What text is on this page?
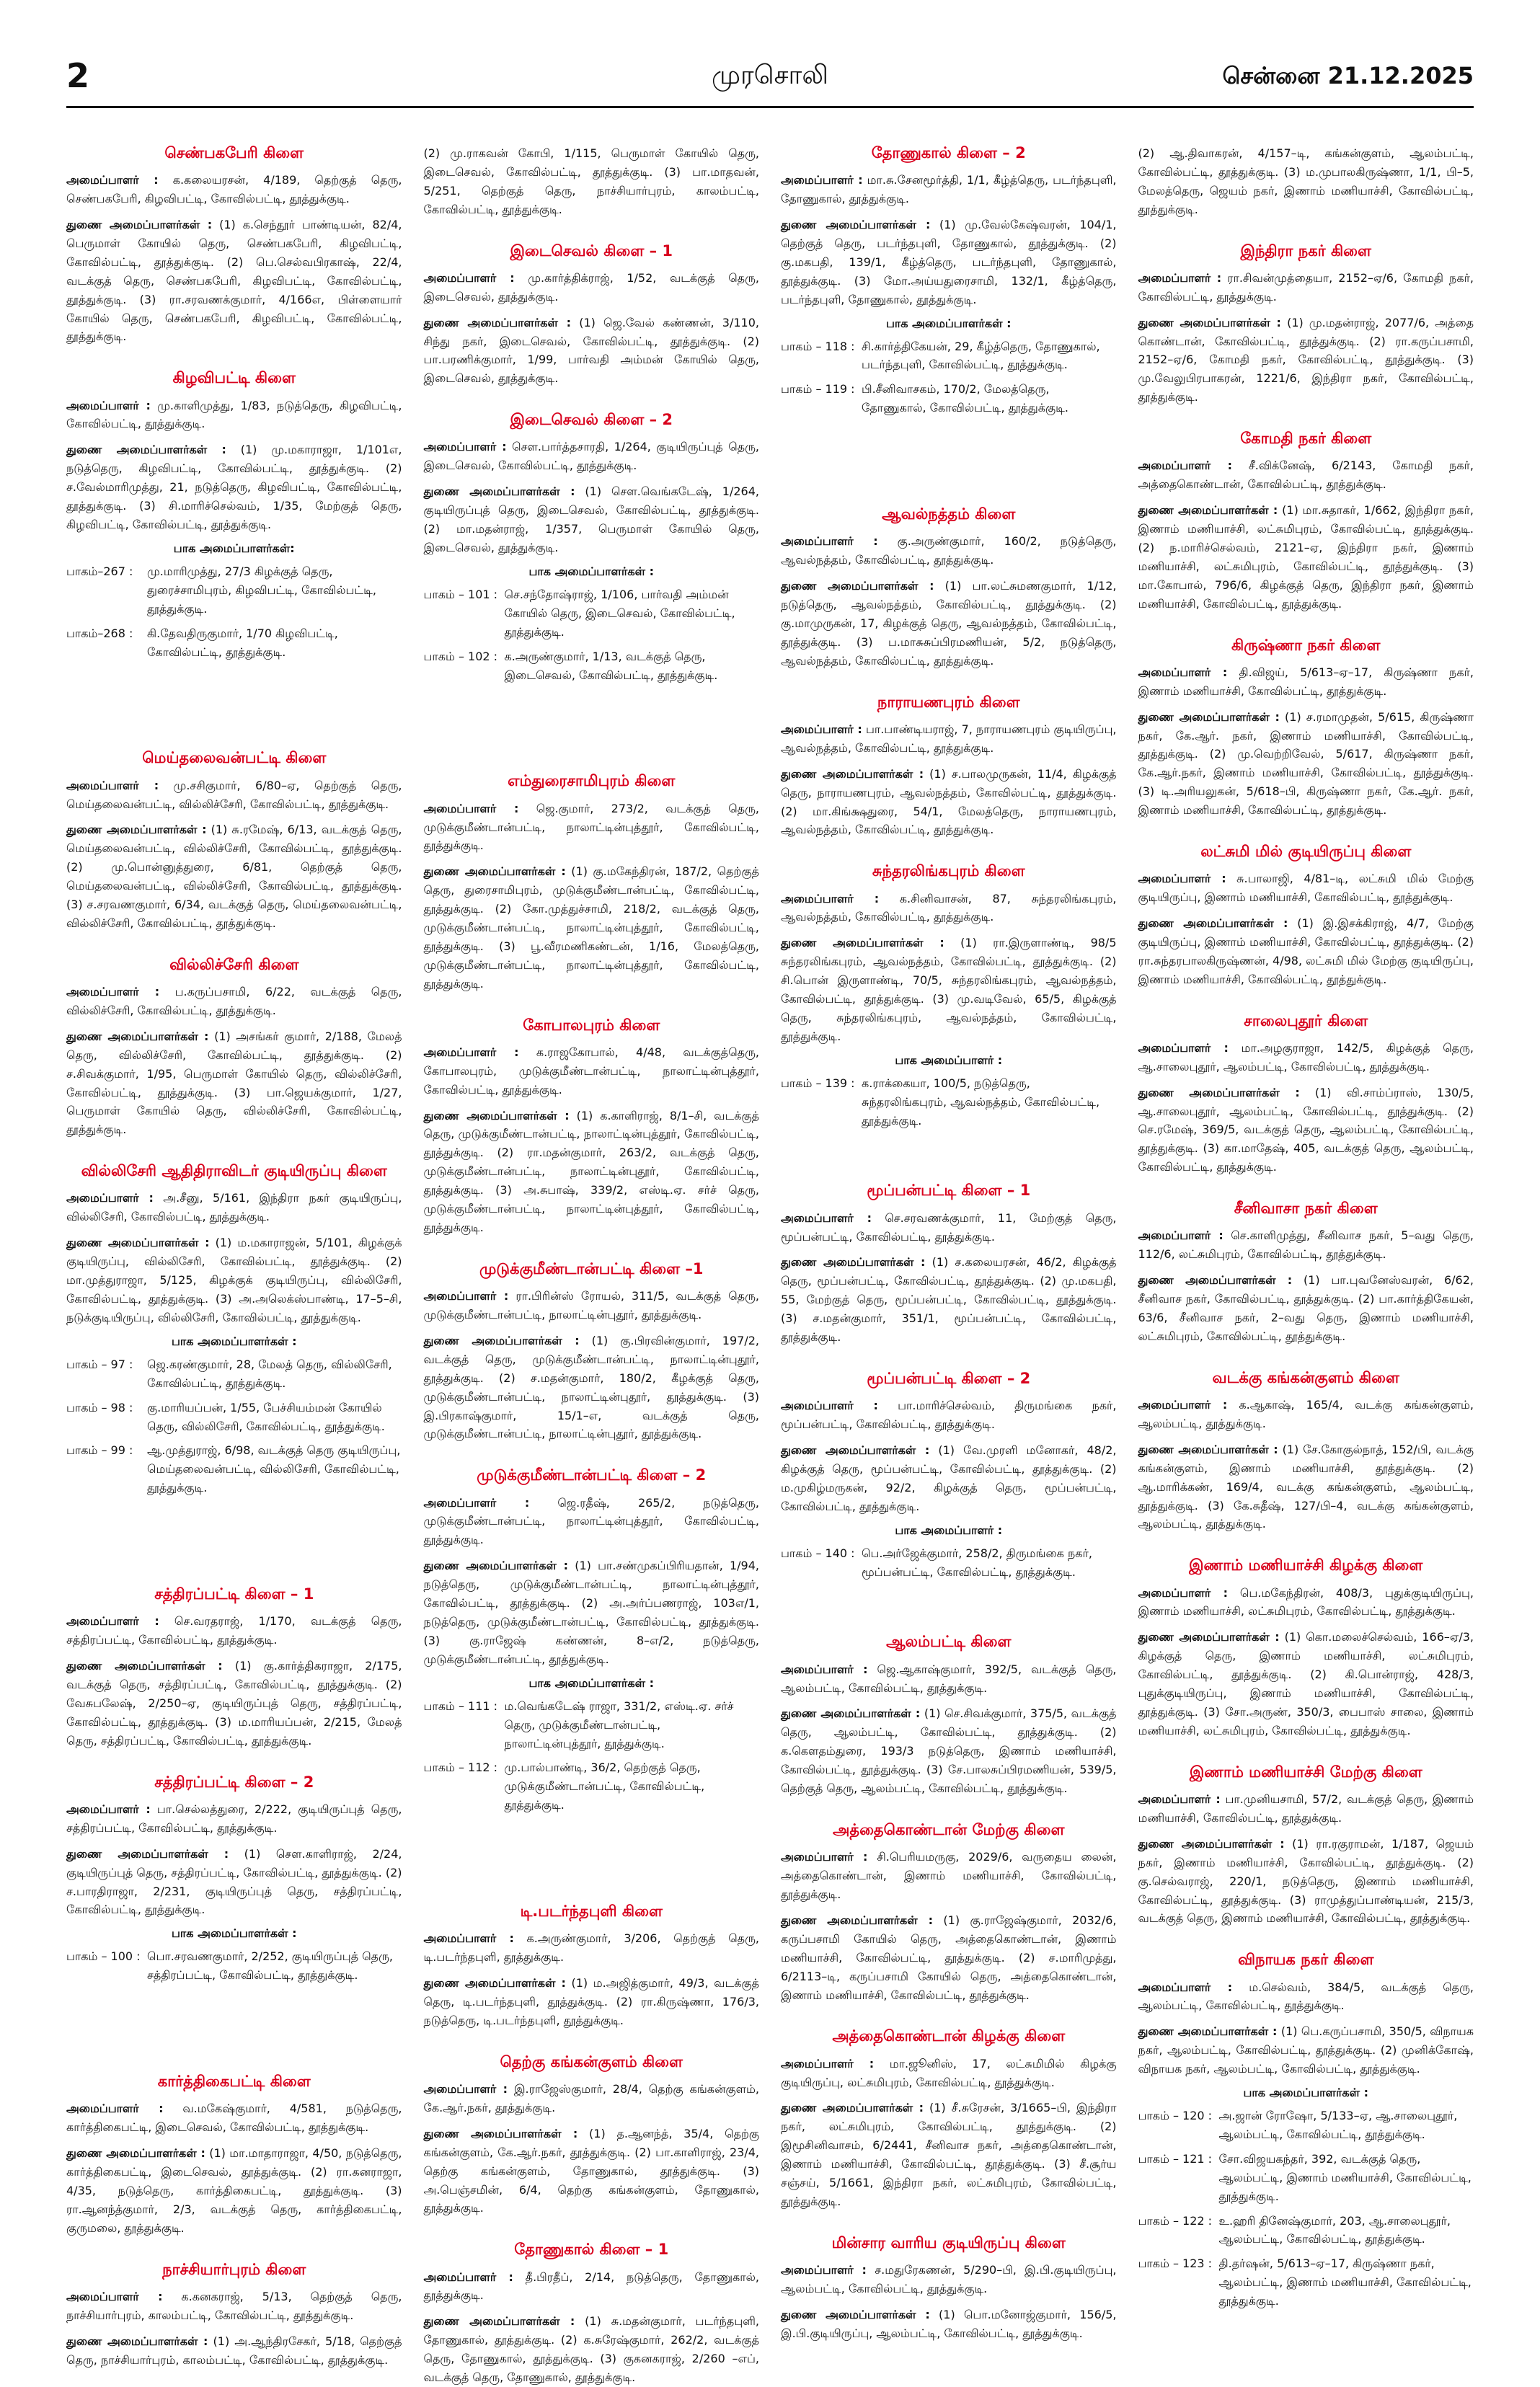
2	முரசொலி	சென்னை 21.12.2025
செண்பகபேரி கிளை
அமைப்பாளர் : க.கலையரசன், 4/189, தெற்குத் தெரு, செண்பகபேரி, கிழவிபட்டி, கோவில்பட்டி, தூத்துக்குடி.
துணை அமைப்பாளர்கள் : (1) க.செந்தூர் பாண்டியன், 82/4, பெருமாள் கோயில் தெரு, செண்பகபேரி, கிழவிபட்டி, கோவில்பட்டி, தூத்துக்குடி. (2) பெ.செல்வபிரகாஷ், 22/4, வடக்குத் தெரு, செண்பகபேரி, கிழவிபட்டி, கோவில்பட்டி, தூத்துக்குடி. (3) ரா.சரவணக்குமார், 4/166எ, பிள்ளையார் கோயில் தெரு, செண்பகபேரி, கிழவிபட்டி, கோவில்பட்டி, தூத்துக்குடி.
கிழவிபட்டி கிளை
அமைப்பாளர் : மு.காளிமுத்து, 1/83, நடுத்தெரு, கிழவிபட்டி, கோவில்பட்டி, தூத்துக்குடி.
துணை அமைப்பாளர்கள் : (1) மு.மகாராஜா, 1/101எ, நடுத்தெரு, கிழவிபட்டி, கோவில்பட்டி, தூத்துக்குடி. (2) ச.வேல்மாரிமுத்து, 21, நடுத்தெரு, கிழவிபட்டி, கோவில்பட்டி, தூத்துக்குடி. (3) சி.மாரிச்செல்வம், 1/35, மேற்குத் தெரு, கிழவிபட்டி, கோவில்பட்டி, தூத்துக்குடி.
பாக அமைப்பாளர்கள்:
பாகம்–267 :	மு.மாரிமுத்து, 27/3 கிழக்குத் தெரு, துரைச்சாமிபுரம், கிழவிபட்டி, கோவில்பட்டி, தூத்துக்குடி.
பாகம்–268 :	கி.தேவதிருகுமார், 1/70 கிழவிபட்டி, கோவில்பட்டி, தூத்துக்குடி.
மெய்தலைவன்பட்டி கிளை
அமைப்பாளர் : மு.சசிகுமார், 6/80–ஏ, தெற்குத் தெரு, மெய்தலைவன்பட்டி, வில்லிச்சேரி, கோவில்பட்டி, தூத்துக்குடி.
துணை அமைப்பாளர்கள் : (1) சு.ரமேஷ், 6/13, வடக்குத் தெரு, மெய்தலைவன்பட்டி, வில்லிச்சேரி, கோவில்பட்டி, தூத்துக்குடி. (2) மு.பொன்னுத்துரை, 6/81, தெற்குத் தெரு, மெய்தலைவன்பட்டி, வில்லிச்சேரி, கோவில்பட்டி, தூத்துக்குடி. (3) ச.சரவணகுமார், 6/34, வடக்குத் தெரு, மெய்தலைவன்பட்டி, வில்லிச்சேரி, கோவில்பட்டி, தூத்துக்குடி.
வில்லிச்சேரி கிளை
அமைப்பாளர் : ப.கருப்பசாமி, 6/22, வடக்குத் தெரு, வில்லிச்சேரி, கோவில்பட்டி, தூத்துக்குடி.
துணை அமைப்பாளர்கள் : (1) அசங்கர் குமார், 2/188, மேலத் தெரு, வில்லிச்சேரி, கோவில்பட்டி, தூத்துக்குடி. (2) ச.சிவக்குமார், 1/95, பெருமாள் கோயில் தெரு, வில்லிச்சேரி, கோவில்பட்டி, தூத்துக்குடி. (3) பா.ஜெயக்குமார், 1/27, பெருமாள் கோயில் தெரு, வில்லிச்சேரி, கோவில்பட்டி, தூத்துக்குடி.
வில்லிசேரி ஆதிதிராவிடர் குடியிருப்பு கிளை
அமைப்பாளர் : அ.சீனு, 5/161, இந்திரா நகர் குடியிருப்பு, வில்லிசேரி, கோவில்பட்டி, தூத்துக்குடி.
துணை அமைப்பாளர்கள் : (1) ம.மகாராஜன், 5/101, கிழக்குக் குடியிருப்பு, வில்லிசேரி, கோவில்பட்டி, தூத்துக்குடி. (2) மா.முத்துராஜா, 5/125, கிழக்குக் குடியிருப்பு, வில்லிசேரி, கோவில்பட்டி, தூத்துக்குடி. (3) அ.அலெக்ஸ்பாண்டி, 17–5–சி, நடுக்குடியிருப்பு, வில்லிசேரி, கோவில்பட்டி, தூத்துக்குடி.
பாக அமைப்பாளர்கள் :
பாகம் – 97 :	ஜெ.கரண்குமார், 28, மேலத் தெரு, வில்லிசேரி, கோவில்பட்டி, தூத்துக்குடி.
பாகம் – 98 :	கு.மாரியப்பன், 1/55, பேச்சியம்மன் கோயில் தெரு, வில்லிசேரி, கோவில்பட்டி, தூத்துக்குடி.
பாகம் – 99 :	ஆ.முத்துராஜ், 6/98, வடக்குத் தெரு குடியிருப்பு, மெய்தலைவன்பட்டி, வில்லிசேரி, கோவில்பட்டி, தூத்துக்குடி.
சத்திரப்பட்டி கிளை – 1
அமைப்பாளர் : செ.வரதராஜ், 1/170, வடக்குத் தெரு, சத்திரப்பட்டி, கோவில்பட்டி, தூத்துக்குடி.
துணை அமைப்பாளர்கள் : (1) கு.கார்த்திகராஜா, 2/175, வடக்குத் தெரு, சத்திரப்பட்டி, கோவில்பட்டி, தூத்துக்குடி. (2) வேசுபலேஷ், 2/250–ஏ, குடியிருப்புத் தெரு, சத்திரப்பட்டி, கோவில்பட்டி, தூத்துக்குடி. (3) ம.மாரியப்பன், 2/215, மேலத் தெரு, சத்திரப்பட்டி, கோவில்பட்டி, தூத்துக்குடி.
சத்திரப்பட்டி கிளை – 2
அமைப்பாளர் : பா.செல்லத்துரை, 2/222, குடியிருப்புத் தெரு, சத்திரப்பட்டி, கோவில்பட்டி, தூத்துக்குடி.
துணை அமைப்பாளர்கள் : (1) சௌ.காளிராஜ், 2/24, குடியிருப்புத் தெரு, சத்திரப்பட்டி, கோவில்பட்டி, தூத்துக்குடி. (2) ச.பாரதிராஜா, 2/231, குடியிருப்புத் தெரு, சத்திரப்பட்டி, கோவில்பட்டி, தூத்துக்குடி.
பாக அமைப்பாளர்கள் :
பாகம் – 100 : பொ.சரவணகுமார், 2/252, குடியிருப்புத் தெரு, சத்திரப்பட்டி, கோவில்பட்டி, தூத்துக்குடி.
கார்த்திகைபட்டி கிளை
அமைப்பாளர் : வ.மகேஷ்குமார், 4/581, நடுத்தெரு, கார்த்திகைபட்டி, இடைசெவல், கோவில்பட்டி, தூத்துக்குடி.
துணை அமைப்பாளர்கள் : (1) மா.மாதாராஜா, 4/50, நடுத்தெரு, கார்த்திகைபட்டி, இடைசெவல், தூத்துக்குடி. (2) ரா.கனராஜா, 4/35, நடுத்தெரு, கார்த்திகைபட்டி, தூத்துக்குடி. (3) ரா.ஆனந்த்குமார், 2/3, வடக்குத் தெரு, கார்த்திகைபட்டி, குருமலை, தூத்துக்குடி.
நாச்சியார்புரம் கிளை
அமைப்பாளர் : க.கனகராஜ், 5/13, தெற்குத் தெரு, நாச்சியார்புரம், காலம்பட்டி, கோவில்பட்டி, தூத்துக்குடி.
துணை அமைப்பாளர்கள் : (1) அ.ஆந்திரசேகர், 5/18, தெற்குத் தெரு, நாச்சியார்புரம், காலம்பட்டி, கோவில்பட்டி, தூத்துக்குடி.
(2) மு.ராகவன் கோபி, 1/115, பெருமாள் கோயில் தெரு, இடைசெவல், கோவில்பட்டி, தூத்துக்குடி. (3) பா.மாதவன், 5/251, தெற்குத் தெரு, நாச்சியார்புரம், காலம்பட்டி, கோவில்பட்டி, தூத்துக்குடி.
இடைசெவல் கிளை – 1
அமைப்பாளர் : மு.கார்த்திக்ராஜ், 1/52, வடக்குத் தெரு, இடைசெவல், தூத்துக்குடி.
துணை அமைப்பாளர்கள் : (1) ஜெ.வேல் கண்ணன், 3/110, சிந்து நகர், இடைசெவல், கோவில்பட்டி, தூத்துக்குடி. (2) பா.பரணிக்குமார், 1/99, பார்வதி அம்மன் கோயில் தெரு, இடைசெவல், தூத்துக்குடி.
இடைசெவல் கிளை – 2
அமைப்பாளர் : சௌ.பார்த்தசாரதி, 1/264, குடியிருப்புத் தெரு, இடைசெவல், கோவில்பட்டி, தூத்துக்குடி.
துணை அமைப்பாளர்கள் : (1) சௌ.வெங்கடேஷ், 1/264, குடியிருப்புத் தெரு, இடைசெவல், கோவில்பட்டி, தூத்துக்குடி. (2) மா.மதன்ராஜ், 1/357, பெருமாள் கோயில் தெரு, இடைசெவல், தூத்துக்குடி.
பாக அமைப்பாளர்கள் :
பாகம் – 101 : செ.சந்தோஷ்ராஜ், 1/106, பார்வதி அம்மன் கோயில் தெரு, இடைசெவல், கோவில்பட்டி, தூத்துக்குடி.
பாகம் – 102 : க.அருண்குமார், 1/13, வடக்குத் தெரு, இடைசெவல், கோவில்பட்டி, தூத்துக்குடி.
எம்துரைசாமிபுரம் கிளை
அமைப்பாளர் : ஜெ.குமார், 273/2, வடக்குத் தெரு, முடுக்குமீண்டான்பட்டி, நாலாட்டின்புத்தூர், கோவில்பட்டி, தூத்துக்குடி.
துணை அமைப்பாளர்கள் : (1) கு.மகேந்திரன், 187/2, தெற்குத் தெரு, துரைசாமிபுரம், முடுக்குமீண்டான்பட்டி, கோவில்பட்டி, தூத்துக்குடி. (2) கோ.முத்துச்சாமி, 218/2, வடக்குத் தெரு, முடுக்குமீண்டான்பட்டி, நாலாட்டின்புத்தூர், கோவில்பட்டி, தூத்துக்குடி. (3) பூ.வீரமணிகண்டன், 1/16, மேலத்தெரு, முடுக்குமீண்டான்பட்டி, நாலாட்டின்புத்தூர், கோவில்பட்டி, தூத்துக்குடி.
கோபாலபுரம் கிளை
அமைப்பாளர் : க.ராஜகோபால், 4/48, வடக்குத்தெரு, கோபாலபுரம், முடுக்குமீண்டான்பட்டி, நாலாட்டின்புத்தூர், கோவில்பட்டி, தூத்துக்குடி.
துணை அமைப்பாளர்கள் : (1) க.காளிராஜ், 8/1–சி, வடக்குத் தெரு, முடுக்குமீண்டான்பட்டி, நாலாட்டின்புத்தூர், கோவில்பட்டி, தூத்துக்குடி. (2) ரா.மதன்குமார், 263/2, வடக்குத் தெரு, முடுக்குமீண்டான்பட்டி, நாலாட்டின்புதூர், கோவில்பட்டி, தூத்துக்குடி. (3) அ.சுபாஷ், 339/2, எஸ்டி.ஏ. சர்ச் தெரு, முடுக்குமீண்டான்பட்டி, நாலாட்டின்புத்தூர், கோவில்பட்டி, தூத்துக்குடி.
முடுக்குமீண்டான்பட்டி கிளை –1
அமைப்பாளர் : ரா.பிரின்ஸ் ரோயல், 311/5, வடக்குத் தெரு, முடுக்குமீண்டான்பட்டி, நாலாட்டின்புதூர், தூத்துக்குடி.
துணை அமைப்பாளர்கள் : (1) கு.பிரவின்குமார், 197/2, வடக்குத் தெரு, முடுக்குமீண்டான்பட்டி, நாலாட்டின்புதூர், தூத்துக்குடி. (2) ச.மதன்குமார், 180/2, கீழக்குத் தெரு, முடுக்குமீண்டான்பட்டி, நாலாட்டின்புதூர், தூத்துக்குடி. (3) இ.பிரகாஷ்குமார், 15/1–எ, வடக்குத் தெரு, முடுக்குமீண்டான்பட்டி, நாலாட்டின்புதூர், தூத்துக்குடி.
முடுக்குமீண்டான்பட்டி கிளை – 2
அமைப்பாளர் : ஜெ.ரதீஷ், 265/2, நடுத்தெரு, முடுக்குமீண்டான்பட்டி, நாலாட்டின்புத்தூர், கோவில்பட்டி, தூத்துக்குடி.
துணை அமைப்பாளர்கள் : (1) பா.சண்முகப்பிரியதான், 1/94, நடுத்தெரு, முடுக்குமீண்டான்பட்டி, நாலாட்டின்புத்தூர், கோவில்பட்டி, தூத்துக்குடி. (2) அ.அர்ப்பணராஜ், 103எ/1, நடுத்தெரு, முடுக்குமீண்டான்பட்டி, கோவில்பட்டி, தூத்துக்குடி. (3) கு.ராஜேஷ் கண்ணன், 8–எ/2, நடுத்தெரு, முடுக்குமீண்டான்பட்டி, தூத்துக்குடி.
பாக அமைப்பாளர்கள் :
பாகம் – 111 : ம.வெங்கடேஷ் ராஜா, 331/2, எஸ்டி.ஏ. சர்ச் தெரு, முடுக்குமீண்டான்பட்டி, நாலாட்டின்புத்தூர், தூத்துக்குடி.
பாகம் – 112 : மு.பால்பாண்டி, 36/2, தெற்குத் தெரு, முடுக்குமீண்டான்பட்டி, கோவில்பட்டி, தூத்துக்குடி.
டி.படர்ந்தபுளி கிளை
அமைப்பாளர் : க.அருண்குமார், 3/206, தெற்குத் தெரு, டி.படர்ந்தபுளி, தூத்துக்குடி.
துணை அமைப்பாளர்கள் : (1) ம.அஜித்குமார், 49/3, வடக்குத் தெரு, டி.படர்ந்தபுளி, தூத்துக்குடி. (2) ரா.கிருஷ்ணா, 176/3, நடுத்தெரு, டி.படர்ந்தபுளி, தூத்துக்குடி.
தெற்கு கங்கன்குளம் கிளை
அமைப்பாளர் : இ.ராஜேஸ்குமார், 28/4, தெற்கு கங்கன்குளம், கே.ஆர்.நகர், தூத்துக்குடி.
துணை அமைப்பாளர்கள் : (1) த.ஆனந்த், 35/4, தெற்கு கங்கன்குளம், கே.ஆர்.நகர், தூத்துக்குடி. (2) பா.காளிராஜ், 23/4, தெற்கு கங்கன்குளம், தோணுகால், தூத்துக்குடி. (3) அ.பெஞ்சமின், 6/4, தெற்கு கங்கன்குளம், தோணுகால், தூத்துக்குடி.
தோணுகால் கிளை – 1
அமைப்பாளர் : தீ.பிரதீப், 2/14, நடுத்தெரு, தோணுகால், தூத்துக்குடி.
துணை அமைப்பாளர்கள் : (1) சு.மதன்குமார், படர்ந்தபுளி, தோணுகால், தூத்துக்குடி. (2) க.சுரேஷ்குமார், 262/2, வடக்குத் தெரு, தோணுகால், தூத்துக்குடி. (3) குகனகராஜ், 2/260 –எப், வடக்குத் தெரு, தோணுகால், தூத்துக்குடி.
தோணுகால் கிளை – 2
அமைப்பாளர் : மா.சு.சேனமூர்த்தி, 1/1, கீழ்த்தெரு, படர்ந்தபுளி, தோணுகால், தூத்துக்குடி.
துணை அமைப்பாளர்கள் : (1) மு.வேல்கேஷ்வரன், 104/1, தெற்குத் தெரு, படர்ந்தபுளி, தோணுகால், தூத்துக்குடி. (2) கு.மகபதி, 139/1, கீழ்த்தெரு, படர்ந்தபுளி, தோணுகால், தூத்துக்குடி. (3) மோ.அய்யதுரைசாமி, 132/1, கீழ்த்தெரு, படர்ந்தபுளி, தோணுகால், தூத்துக்குடி.
பாக அமைப்பாளர்கள் :
பாகம் – 118 : சி.கார்த்திகேயன், 29, கீழ்த்தெரு, தோணுகால், படர்ந்தபுளி, கோவில்பட்டி, தூத்துக்குடி.
பாகம் – 119 : பி.சீனிவாசகம், 170/2, மேலத்தெரு, தோணுகால், கோவில்பட்டி, தூத்துக்குடி.
ஆவல்நத்தம் கிளை
அமைப்பாளர் : கு.அருண்குமார், 160/2, நடுத்தெரு, ஆவல்நத்தம், கோவில்பட்டி, தூத்துக்குடி.
துணை அமைப்பாளர்கள் : (1) பா.லட்சுமணகுமார், 1/12, நடுத்தெரு, ஆவல்நத்தம், கோவில்பட்டி, தூத்துக்குடி. (2) கு.மாமுருகன், 17, கிழக்குத் தெரு, ஆவல்நத்தம், கோவில்பட்டி, தூத்துக்குடி. (3) ப.மாசுசுப்பிரமணியன், 5/2, நடுத்தெரு, ஆவல்நத்தம், கோவில்பட்டி, தூத்துக்குடி.
நாராயணபுரம் கிளை
அமைப்பாளர் : பா.பாண்டியராஜ், 7, நாராயணபுரம் குடியிருப்பு, ஆவல்நத்தம், கோவில்பட்டி, தூத்துக்குடி.
துணை அமைப்பாளர்கள் : (1) ச.பாலமுருகன், 11/4, கிழக்குத் தெரு, நாராயணபுரம், ஆவல்நத்தம், கோவில்பட்டி, தூத்துக்குடி. (2) மா.கிங்க்ஷதுரை, 54/1, மேலத்தெரு, நாராயணபுரம், ஆவல்நத்தம், கோவில்பட்டி, தூத்துக்குடி.
சுந்தரலிங்கபுரம் கிளை
அமைப்பாளர் : க.சினிவாசன், 87, சுந்தரலிங்கபுரம், ஆவல்நத்தம், கோவில்பட்டி, தூத்துக்குடி.
துணை அமைப்பாளர்கள் : (1) ரா.இருளாண்டி, 98/5 சுந்தரலிங்கபுரம், ஆவல்நத்தம், கோவில்பட்டி, தூத்துக்குடி. (2) சி.பொன் இருளாண்டி, 70/5, சுந்தரலிங்கபுரம், ஆவல்நத்தம், கோவில்பட்டி, தூத்துக்குடி. (3) மு.வடிவேல், 65/5, கிழக்குத் தெரு, சுந்தரலிங்கபுரம், ஆவல்நத்தம், கோவில்பட்டி, தூத்துக்குடி.
பாக அமைப்பாளர் :
பாகம் – 139 : க.ராக்கையா, 100/5, நடுத்தெரு, சுந்தரலிங்கபுரம், ஆவல்நத்தம், கோவில்பட்டி, தூத்துக்குடி.
மூப்பன்பட்டி கிளை – 1
அமைப்பாளர் : செ.சரவணக்குமார், 11, மேற்குத் தெரு, மூப்பன்பட்டி, கோவில்பட்டி, தூத்துக்குடி.
துணை அமைப்பாளர்கள் : (1) ச.கலையரசன், 46/2, கிழக்குத் தெரு, மூப்பன்பட்டி, கோவில்பட்டி, தூத்துக்குடி. (2) மு.மகபதி, 55, மேற்குத் தெரு, மூப்பன்பட்டி, கோவில்பட்டி, தூத்துக்குடி. (3) ச.மதன்குமார், 351/1, மூப்பன்பட்டி, கோவில்பட்டி, தூத்துக்குடி.
மூப்பன்பட்டி கிளை – 2
அமைப்பாளர் : பா.மாரிச்செல்வம், திருமங்கை நகர், மூப்பன்பட்டி, கோவில்பட்டி, தூத்துக்குடி.
துணை அமைப்பாளர்கள் : (1) வே.முரளி மனோகர், 48/2, கிழக்குத் தெரு, மூப்பன்பட்டி, கோவில்பட்டி, தூத்துக்குடி. (2) ம.முகிழ்மருகன், 92/2, கிழக்குத் தெரு, மூப்பன்பட்டி, கோவில்பட்டி, தூத்துக்குடி.
பாக அமைப்பாளர் :
பாகம் – 140 : பெ.அர்ஜேக்குமார், 258/2, திருமங்கை நகர், மூப்பன்பட்டி, கோவில்பட்டி, தூத்துக்குடி.
ஆலம்பட்டி கிளை
அமைப்பாளர் : ஜெ.ஆகாஷ்குமார், 392/5, வடக்குத் தெரு, ஆலம்பட்டி, கோவில்பட்டி, தூத்துக்குடி.
துணை அமைப்பாளர்கள் : (1) செ.சிவக்குமார், 375/5, வடக்குத் தெரு, ஆலம்பட்டி, கோவில்பட்டி, தூத்துக்குடி. (2) க.கௌதம்துரை, 193/3 நடுத்தெரு, இணாம் மணியாச்சி, கோவில்பட்டி, தூத்துக்குடி. (3) சே.பாலசுப்பிரமணியன், 539/5, தெற்குத் தெரு, ஆலம்பட்டி, கோவில்பட்டி, தூத்துக்குடி.
அத்தைகொண்டான் மேற்கு கிளை
அமைப்பாளர் : சி.பெரியமருகு, 2029/6, வருதைய லைன், அத்தைகொண்டான், இணாம் மணியாச்சி, கோவில்பட்டி, தூத்துக்குடி.
துணை அமைப்பாளர்கள் : (1) கு.ராஜேஷ்குமார், 2032/6, கருப்பசாமி கோயில் தெரு, அத்தைகொண்டான், இணாம் மணியாச்சி, கோவில்பட்டி, தூத்துக்குடி. (2) ச.மாரிமுத்து, 6/2113–டி, கருப்பசாமி கோயில் தெரு, அத்தைகொண்டான், இணாம் மணியாச்சி, கோவில்பட்டி, தூத்துக்குடி.
அத்தைகொண்டான் கிழக்கு கிளை
அமைப்பாளர் : மா.ஜூனிஸ், 17, லட்சுமிமில் கிழக்கு குடியிருப்பு, லட்சுமிபுரம், கோவில்பட்டி, தூத்துக்குடி.
துணை அமைப்பாளர்கள் : (1) சீ.சுரேசன், 3/1665–பி, இந்திரா நகர், லட்சுமிபுரம், கோவில்பட்டி, தூத்துக்குடி. (2) இமூசினிவாசம், 6/2441, சீனிவாச நகர், அத்தைகொண்டான், இணாம் மணியாச்சி, கோவில்பட்டி, தூத்துக்குடி. (3) சீ.சூர்ய சஞ்சய், 5/1661, இந்திரா நகர், லட்சுமிபுரம், கோவில்பட்டி, தூத்துக்குடி.
மின்சார வாரிய குடியிருப்பு கிளை
அமைப்பாளர் : ச.மதுரேகணன், 5/290–பி, இ.பி.குடியிருப்பு, ஆலம்பட்டி, கோவில்பட்டி, தூத்துக்குடி.
துணை அமைப்பாளர்கள் : (1) பொ.மனோஜ்குமார், 156/5, இ.பி.குடியிருப்பு, ஆலம்பட்டி, கோவில்பட்டி, தூத்துக்குடி.
(2) ஆ.திவாகரன், 4/157–டி, கங்கன்குளம், ஆலம்பட்டி, கோவில்பட்டி, தூத்துக்குடி. (3) ம.முபாலகிருஷ்ணா, 1/1, பி–5, மேலத்தெரு, ஜெயம் நகர், இணாம் மணியாச்சி, கோவில்பட்டி, தூத்துக்குடி.
இந்திரா நகர் கிளை
அமைப்பாளர் : ரா.சிவன்முத்தையா, 2152–ஏ/6, கோமதி நகர், கோவில்பட்டி, தூத்துக்குடி.
துணை அமைப்பாளர்கள் : (1) மு.மதன்ராஜ், 2077/6, அத்தை கொண்டான், கோவில்பட்டி, தூத்துக்குடி. (2) ரா.கருப்பசாமி, 2152–ஏ/6, கோமதி நகர், கோவில்பட்டி, தூத்துக்குடி. (3) மு.வேலுபிரபாகரன், 1221/6, இந்திரா நகர், கோவில்பட்டி, தூத்துக்குடி.
கோமதி நகர் கிளை
அமைப்பாளர் : சீ.விக்னேஷ், 6/2143, கோமதி நகர், அத்தைகொண்டான், கோவில்பட்டி, தூத்துக்குடி.
துணை அமைப்பாளர்கள் : (1) மா.சுதாகர், 1/662, இந்திரா நகர், இணாம் மணியாச்சி, லட்சுமிபுரம், கோவில்பட்டி, தூத்துக்குடி. (2) ந.மாரிச்செல்வம், 2121–ஏ, இந்திரா நகர், இணாம் மணியாச்சி, லட்சுமிபுரம், கோவில்பட்டி, தூத்துக்குடி. (3) மா.கோபால், 796/6, கிழக்குத் தெரு, இந்திரா நகர், இணாம் மணியாச்சி, கோவில்பட்டி, தூத்துக்குடி.
கிருஷ்ணா நகர் கிளை
அமைப்பாளர் : தி.விஜய், 5/613–ஏ–17, கிருஷ்ணா நகர், இணாம் மணியாச்சி, கோவில்பட்டி, தூத்துக்குடி.
துணை அமைப்பாளர்கள் : (1) ச.ரமாமுதன், 5/615, கிருஷ்ணா நகர், கே.ஆர். நகர், இணாம் மணியாச்சி, கோவில்பட்டி, தூத்துக்குடி. (2) மு.வெற்றிவேல், 5/617, கிருஷ்ணா நகர், கே.ஆர்.நகர், இணாம் மணியாச்சி, கோவில்பட்டி, தூத்துக்குடி. (3) டி.அரியலுகன், 5/618–பி, கிருஷ்ணா நகர், கே.ஆர். நகர், இணாம் மணியாச்சி, கோவில்பட்டி, தூத்துக்குடி.
லட்சுமி மில் குடியிருப்பு கிளை
அமைப்பாளர் : சு.பாலாஜி, 4/81–டி, லட்சுமி மில் மேற்கு குடியிருப்பு, இணாம் மணியாச்சி, கோவில்பட்டி, தூத்துக்குடி.
துணை அமைப்பாளர்கள் : (1) இ.இசக்கிராஜ், 4/7, மேற்கு குடியிருப்பு, இணாம் மணியாச்சி, கோவில்பட்டி, தூத்துக்குடி. (2) ரா.சுந்தரபாலகிருஷ்ணன், 4/98, லட்சுமி மில் மேற்கு குடியிருப்பு, இணாம் மணியாச்சி, கோவில்பட்டி, தூத்துக்குடி.
சாலைபுதூர் கிளை
அமைப்பாளர் : மா.அழகுராஜா, 142/5, கிழக்குத் தெரு, ஆ.சாலைபுதூர், ஆலம்பட்டி, கோவில்பட்டி, தூத்துக்குடி.
துணை அமைப்பாளர்கள் : (1) வி.சாம்ப்ராஸ், 130/5, ஆ.சாலைபுதூர், ஆலம்பட்டி, கோவில்பட்டி, தூத்துக்குடி. (2) செ.ரமேஷ், 369/5, வடக்குத் தெரு, ஆலம்பட்டி, கோவில்பட்டி, தூத்துக்குடி. (3) கா.மாதேஷ், 405, வடக்குத் தெரு, ஆலம்பட்டி, கோவில்பட்டி, தூத்துக்குடி.
சீனிவாசா நகர் கிளை
அமைப்பாளர் : செ.காளிமுத்து, சீனிவாச நகர், 5–வது தெரு, 112/6, லட்சுமிபுரம், கோவில்பட்டி, தூத்துக்குடி.
துணை அமைப்பாளர்கள் : (1) பா.புவனேஸ்வரன், 6/62, சீனிவாச நகர், கோவில்பட்டி, தூத்துக்குடி. (2) பா.கார்த்திகேயன், 63/6, சீனிவாச நகர், 2–வது தெரு, இணாம் மணியாச்சி, லட்சுமிபுரம், கோவில்பட்டி, தூத்துக்குடி.
வடக்கு கங்கன்குளம் கிளை
அமைப்பாளர் : க.ஆகாஷ், 165/4, வடக்கு கங்கன்குளம், ஆலம்பட்டி, தூத்துக்குடி.
துணை அமைப்பாளர்கள் : (1) சே.கோகுல்நாத், 152/பி, வடக்கு கங்கன்குளம், இணாம் மணியாச்சி, தூத்துக்குடி. (2) ஆ.மாரிக்கண், 169/4, வடக்கு கங்கன்குளம், ஆலம்பட்டி, தூத்துக்குடி. (3) கே.சுதீஷ், 127/பி–4, வடக்கு கங்கன்குளம், ஆலம்பட்டி, தூத்துக்குடி.
இணாம் மணியாச்சி கிழக்கு கிளை
அமைப்பாளர் : பெ.மகேந்திரன், 408/3, புதுக்குடியிருப்பு, இணாம் மணியாச்சி, லட்சுமிபுரம், கோவில்பட்டி, தூத்துக்குடி.
துணை அமைப்பாளர்கள் : (1) கொ.மலைச்செல்வம், 166–ஏ/3, கிழக்குத் தெரு, இணாம் மணியாச்சி, லட்சுமிபுரம், கோவில்பட்டி, தூத்துக்குடி. (2) கி.பொன்ராஜ், 428/3, புதுக்குடியிருப்பு, இணாம் மணியாச்சி, கோவில்பட்டி, தூத்துக்குடி. (3) சோ.அருண், 350/3, பைபாஸ் சாலை, இணாம் மணியாச்சி, லட்சுமிபுரம், கோவில்பட்டி, தூத்துக்குடி.
இணாம் மணியாச்சி மேற்கு கிளை
அமைப்பாளர் : பா.முனியசாமி, 57/2, வடக்குத் தெரு, இணாம் மணியாச்சி, கோவில்பட்டி, தூத்துக்குடி.
துணை அமைப்பாளர்கள் : (1) ரா.ரகுராமன், 1/187, ஜெயம் நகர், இணாம் மணியாச்சி, கோவில்பட்டி, தூத்துக்குடி. (2) கு.செல்வராஜ், 220/1, நடுத்தெரு, இணாம் மணியாச்சி, கோவில்பட்டி, தூத்துக்குடி. (3) ராமுத்துப்பாண்டியன், 215/3, வடக்குத் தெரு, இணாம் மணியாச்சி, கோவில்பட்டி, தூத்துக்குடி.
விநாயக நகர் கிளை
அமைப்பாளர் : ம.செல்வம், 384/5, வடக்குத் தெரு, ஆலம்பட்டி, கோவில்பட்டி, தூத்துக்குடி.
துணை அமைப்பாளர்கள் : (1) பெ.கருப்பசாமி, 350/5, விநாயக நகர், ஆலம்பட்டி, கோவில்பட்டி, தூத்துக்குடி. (2) முனிக்கோஷ், விநாயக நகர், ஆலம்பட்டி, கோவில்பட்டி, தூத்துக்குடி.
பாக அமைப்பாளர்கள் :
பாகம் – 120 : அ.ஜான் ரோஷோ, 5/133–ஏ, ஆ.சாலைபுதூர், ஆலம்பட்டி, கோவில்பட்டி, தூத்துக்குடி.
பாகம் – 121 : சோ.விஜயகந்தர், 392, வடக்குத் தெரு, ஆலம்பட்டி, இணாம் மணியாச்சி, கோவில்பட்டி, தூத்துக்குடி.
பாகம் – 122 : உ.ஹரி தினேஷ்குமார், 203, ஆ.சாலைபுதூர், ஆலம்பட்டி, கோவில்பட்டி, தூத்துக்குடி.
பாகம் – 123 : தி.தர்ஷன், 5/613–ஏ–17, கிருஷ்ணா நகர், ஆலம்பட்டி, இணாம் மணியாச்சி, கோவில்பட்டி, தூத்துக்குடி.
